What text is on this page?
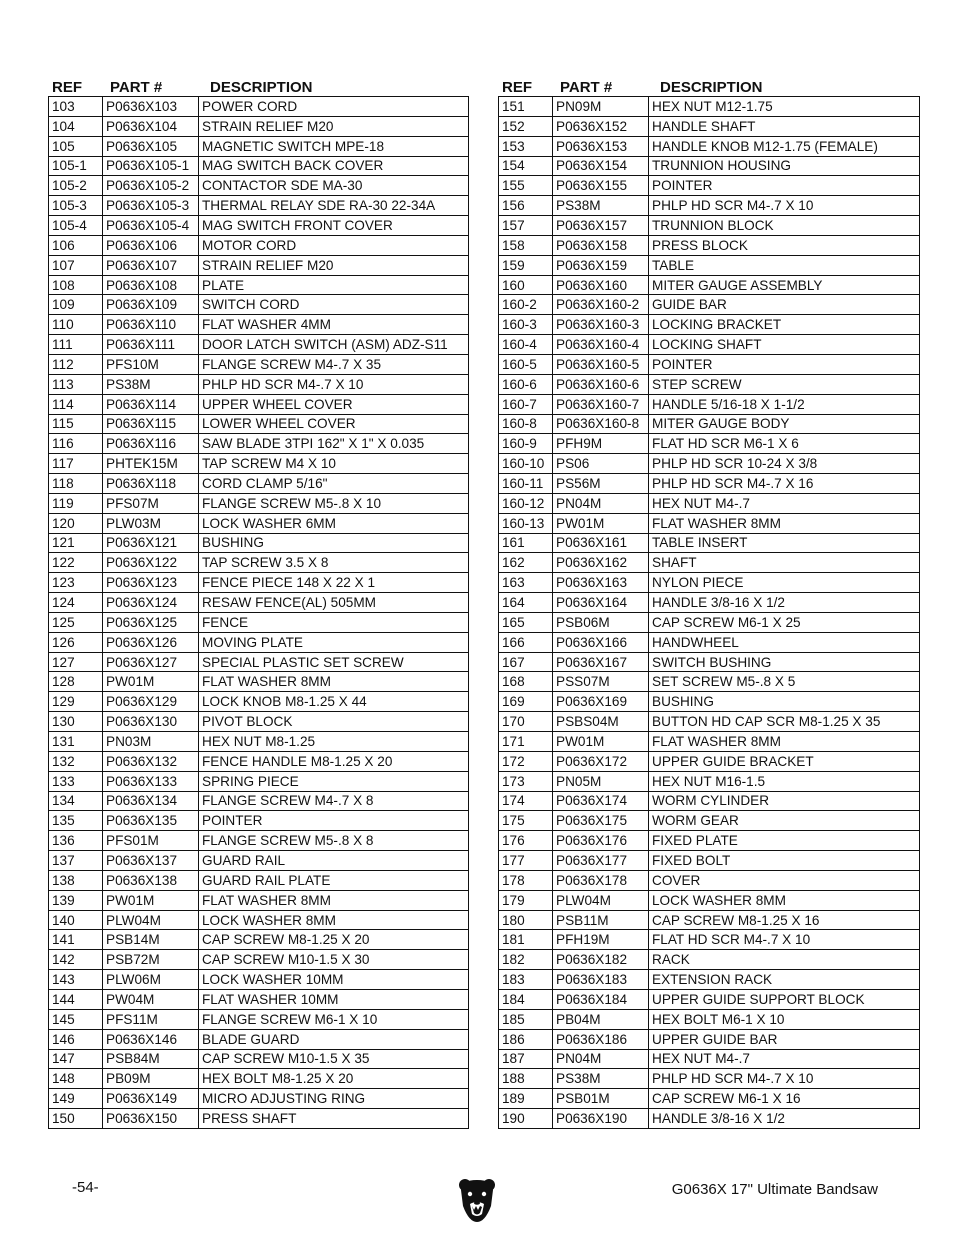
REF	PART #	DESCRIPTION
103	P0636X103	POWER CORD
104	P0636X104	STRAIN RELIEF M20
105	P0636X105	MAGNETIC SWITCH MPE-18
105-1	P0636X105-1 MAG SWITCH BACK COVER
105-2	P0636X105-2 CONTACTOR SDE MA-30
105-3	P0636X105-3 THERMAL RELAY SDE RA-30 22-34A
105-4	P0636X105-4 MAG SWITCH FRONT COVER
106	P0636X106	MOTOR CORD
107	P0636X107	STRAIN RELIEF M20
108	P0636X108	PLATE
109	P0636X109	SWITCH CORD
110	P0636X110	FLAT WASHER 4MM
111	P0636X111	DOOR LATCH SWITCH (ASM) ADZ-S11
112	PFS10M	FLANGE SCREW M4-.7 X 35
113	PS38M	PHLP HD SCR M4-.7 X 10
114	P0636X114	UPPER WHEEL COVER
115	P0636X115	LOWER WHEEL COVER
116	P0636X116	SAW BLADE 3TPI 162" X 1" X 0.035
117	PHTEK15M	TAP SCREW M4 X 10
118	P0636X118	CORD CLAMP 5/16"
119	PFS07M	FLANGE SCREW M5-.8 X 10
120	PLW03M	LOCK WASHER 6MM
121	P0636X121	BUSHING
122	P0636X122	TAP SCREW 3.5 X 8
123	P0636X123	FENCE PIECE 148 X 22 X 1
124	P0636X124	RESAW FENCE(AL) 505MM
125	P0636X125	FENCE
126	P0636X126	MOVING PLATE
127	P0636X127	SPECIAL PLASTIC SET SCREW
128	PW01M	FLAT WASHER 8MM
129	P0636X129	LOCK KNOB M8-1.25 X 44
130	P0636X130	PIVOT BLOCK
131	PN03M	HEX NUT M8-1.25
132	P0636X132	FENCE HANDLE M8-1.25 X 20
133	P0636X133	SPRING PIECE
134	P0636X134	FLANGE SCREW M4-.7 X 8
135	P0636X135	POINTER
136	PFS01M	FLANGE SCREW M5-.8 X 8
137	P0636X137	GUARD RAIL
138	P0636X138	GUARD RAIL PLATE
139	PW01M	FLAT WASHER 8MM
140	PLW04M	LOCK WASHER 8MM
141	PSB14M	CAP SCREW M8-1.25 X 20
142	PSB72M	CAP SCREW M10-1.5 X 30
143	PLW06M	LOCK WASHER 10MM
144	PW04M	FLAT WASHER 10MM
145	PFS11M	FLANGE SCREW M6-1 X 10
146	P0636X146	BLADE GUARD
147	PSB84M	CAP SCREW M10-1.5 X 35
148	PB09M	HEX BOLT M8-1.25 X 20
149	P0636X149	MICRO ADJUSTING RING
150	P0636X150	PRESS SHAFT
REF	PART #	DESCRIPTION
151	PN09M	HEX NUT M12-1.75
152	P0636X152	HANDLE SHAFT
153	P0636X153	HANDLE KNOB M12-1.75 (FEMALE)
154	P0636X154	TRUNNION HOUSING
155	P0636X155	POINTER
156	PS38M	PHLP HD SCR M4-.7 X 10
157	P0636X157	TRUNNION BLOCK
158	P0636X158	PRESS BLOCK
159	P0636X159	TABLE
160	P0636X160	MITER GAUGE ASSEMBLY
160-2	P0636X160-2 GUIDE BAR
160-3	P0636X160-3 LOCKING BRACKET
160-4	P0636X160-4 LOCKING SHAFT
160-5	P0636X160-5 POINTER
160-6	P0636X160-6 STEP SCREW
160-7	P0636X160-7 HANDLE 5/16-18 X 1-1/2
160-8	P0636X160-8 MITER GAUGE BODY
160-9	PFH9M	FLAT HD SCR M6-1 X 6
160-10 PS06	PHLP HD SCR 10-24 X 3/8
160-11 PS56M	PHLP HD SCR M4-.7 X 16
160-12 PN04M	HEX NUT M4-.7
160-13 PW01M	FLAT WASHER 8MM
161	P0636X161	TABLE INSERT
162	P0636X162	SHAFT
163	P0636X163	NYLON PIECE
164	P0636X164	HANDLE 3/8-16 X 1/2
165	PSB06M	CAP SCREW M6-1 X 25
166	P0636X166	HANDWHEEL
167	P0636X167	SWITCH BUSHING
168	PSS07M	SET SCREW M5-.8 X 5
169	P0636X169	BUSHING
170	PSBS04M	BUTTON HD CAP SCR M8-1.25 X 35
171	PW01M	FLAT WASHER 8MM
172	P0636X172	UPPER GUIDE BRACKET
173	PN05M	HEX NUT M16-1.5
174	P0636X174	WORM CYLINDER
175	P0636X175	WORM GEAR
176	P0636X176	FIXED PLATE
177	P0636X177	FIXED BOLT
178	P0636X178	COVER
179	PLW04M	LOCK WASHER 8MM
180	PSB11M	CAP SCREW M8-1.25 X 16
181	PFH19M	FLAT HD SCR M4-.7 X 10
182	P0636X182	RACK
183	P0636X183	EXTENSION RACK
184	P0636X184	UPPER GUIDE SUPPORT BLOCK
185	PB04M	HEX BOLT M6-1 X 10
186	P0636X186	UPPER GUIDE BAR
187	PN04M	HEX NUT M4-.7
188	PS38M	PHLP HD SCR M4-.7 X 10
189	PSB01M	CAP SCREW M6-1 X 16
190	P0636X190	HANDLE 3/8-16 X 1/2
-54-	G0636X 17" Ultimate Bandsaw
